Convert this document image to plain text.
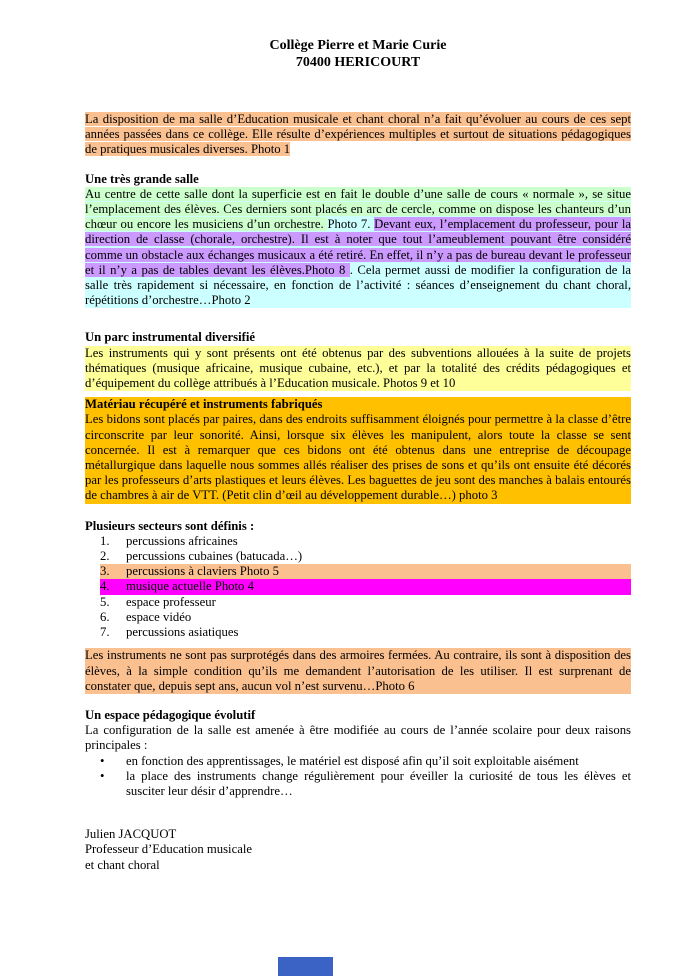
Collège Pierre et Marie Curie
70400 HERICOURT

La disposition de ma salle d’Education musicale et chant choral n’a fait qu’évoluer au cours de ces sept années passées dans ce collège. Elle résulte d’expériences multiples et surtout de situations pédagogiques de pratiques musicales diverses. Photo 1

Une très grande salle

Au centre de cette salle dont la superficie est en fait le double d’une salle de cours « normale », se situe l’emplacement des élèves. Ces derniers sont placés en arc de cercle, comme on dispose les chanteurs d’un chœur ou encore les musiciens d’un orchestre. Photo 7. Devant eux, l’emplacement du professeur, pour la direction de classe (chorale, orchestre). Il est à noter que tout l’ameublement pouvant être considéré comme un obstacle aux échanges musicaux a été retiré. En effet, il n’y a pas de bureau devant le professeur et il n’y a pas de tables devant les élèves.Photo 8 . Cela permet aussi de modifier la configuration de la salle très rapidement si nécessaire, en fonction de l’activité : séances d’enseignement du chant choral, répétitions d’orchestre…Photo 2

Un parc instrumental diversifié

Les instruments qui y sont présents ont été obtenus par des subventions allouées à la suite de projets thématiques (musique africaine, musique cubaine, etc.), et par la totalité des crédits pédagogiques et d’équipement du collège attribués à l’Education musicale. Photos 9 et 10

Matériau récupéré et instruments fabriqués

Les bidons sont placés par paires, dans des endroits suffisamment éloignés pour permettre à la classe d’être circonscrite par leur sonorité. Ainsi, lorsque six élèves les manipulent, alors toute la classe se sent concernée. Il est à remarquer que ces bidons ont été obtenus dans une entreprise de découpage métallurgique dans laquelle nous sommes allés réaliser des prises de sons et qu’ils ont ensuite été décorés par les professeurs d’arts plastiques et leurs élèves. Les baguettes de jeu sont des manches à balais entourés de chambres à air de VTT. (Petit clin d’œil au développement durable…) photo 3

Plusieurs secteurs sont définis :

1.	percussions africaines
2.	percussions cubaines (batucada…)
3.	percussions à claviers Photo 5
4.	musique actuelle Photo 4
5.	espace professeur
6.	espace vidéo
7.	percussions asiatiques

Les instruments ne sont pas surprotégés dans des armoires fermées. Au contraire, ils sont à disposition des élèves, à la simple condition qu’ils me demandent l’autorisation de les utiliser. Il est surprenant de constater que, depuis sept ans, aucun vol n’est survenu…Photo 6

Un espace pédagogique évolutif

La configuration de la salle est amenée à être modifiée au cours de l’année scolaire pour deux raisons principales :

•	en fonction des apprentissages, le matériel est disposé afin qu’il soit exploitable aisément
•	la place des instruments change régulièrement pour éveiller la curiosité de tous les élèves et susciter leur désir d’apprendre…
Julien JACQUOT
Professeur d’Education musicale
et chant choral
